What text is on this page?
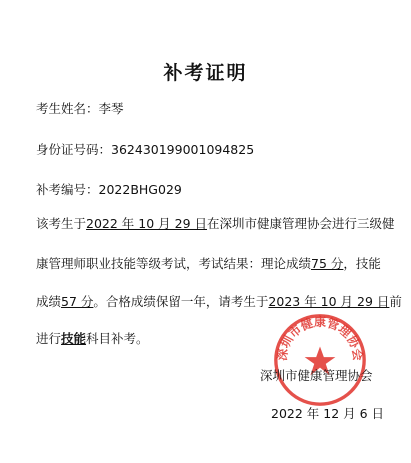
补考证明
考生姓名：李琴
身份证号码：362430199001094825
补考编号：2022BHG029
该考生于2022 年 10 月 29 日在深圳市健康管理协会进行三级健
康管理师职业技能等级考试，考试结果：理论成绩75 分，技能
成绩57 分。合格成绩保留一年，请考生于2023 年 10 月 29 日前
进行技能科目补考。
深圳市健康管理协会
深圳市健康管理协会
2022 年 12 月 6 日
